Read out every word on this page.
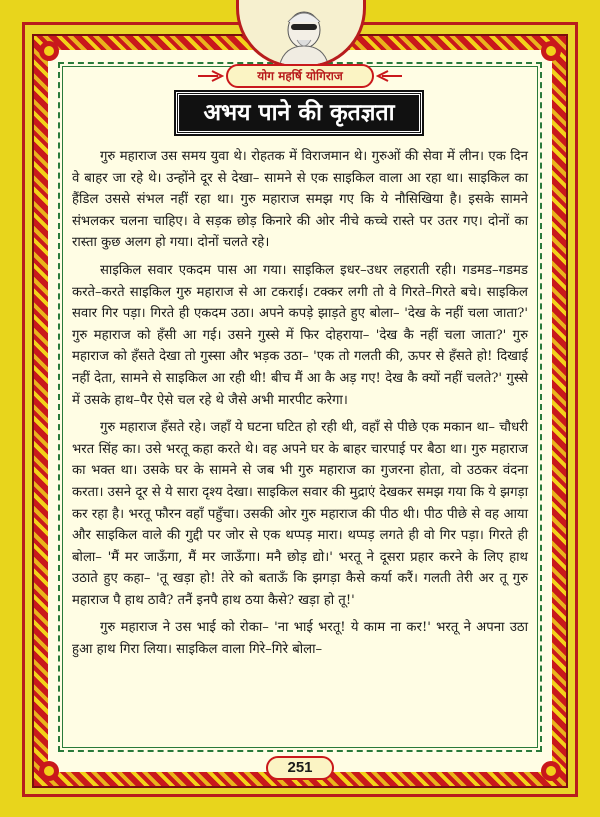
योग महर्षि योगिराज
अभय पाने की कृतज्ञता

गुरु महाराज उस समय युवा थे। रोहतक में विराजमान थे। गुरुओं की सेवा में लीन। एक दिन वे बाहर जा रहे थे। उन्होंने दूर से देखा– सामने से एक साइकिल वाला आ रहा था। साइकिल का हैंडिल उससे संभल नहीं रहा था। गुरु महाराज समझ गए कि ये नौसिखिया है। इसके सामने संभलकर चलना चाहिए। वे सड़क छोड़ किनारे की ओर नीचे कच्चे रास्ते पर उतर गए। दोनों का रास्ता कुछ अलग हो गया। दोनों चलते रहे।

साइकिल सवार एकदम पास आ गया। साइकिल इधर–उधर लहराती रही। गडमड–गडमड करते–करते साइकिल गुरु महाराज से आ टकराई। टक्कर लगी तो वे गिरते–गिरते बचे। साइकिल सवार गिर पड़ा। गिरते ही एकदम उठा। अपने कपड़े झाड़ते हुए बोला– 'देख के नहीं चला जाता?' गुरु महाराज को हँसी आ गई। उसने गुस्से में फिर दोहराया– 'देख कै नहीं चला जाता?' गुरु महाराज को हँसते देखा तो गुस्सा और भड़क उठा– 'एक तो गलती की, ऊपर से हँसते हो! दिखाई नहीं देता, सामने से साइकिल आ रही थी! बीच मैं आ कै अड़ गए! देख कै क्यों नहीं चलते?' गुस्से में उसके हाथ–पैर ऐसे चल रहे थे जैसे अभी मारपीट करेगा।

गुरु महाराज हँसते रहे। जहाँ ये घटना घटित हो रही थी, वहाँ से पीछे एक मकान था– चौधरी भरत सिंह का। उसे भरतू कहा करते थे। वह अपने घर के बाहर चारपाई पर बैठा था। गुरु महाराज का भक्त था। उसके घर के सामने से जब भी गुरु महाराज का गुजरना होता, वो उठकर वंदना करता। उसने दूर से ये सारा दृश्य देखा। साइकिल सवार की मुद्राएं देखकर समझ गया कि ये झगड़ा कर रहा है। भरतू फौरन वहाँ पहुँचा। उसकी ओर गुरु महाराज की पीठ थी। पीठ पीछे से वह आया और साइकिल वाले की गुद्दी पर जोर से एक थप्पड़ मारा। थप्पड़ लगते ही वो गिर पड़ा। गिरते ही बोला– 'मैं मर जाऊँगा, मैं मर जाऊँगा। मनै छोड़ द्यो।' भरतू ने दूसरा प्रहार करने के लिए हाथ उठाते हुए कहा– 'तू खड़ा हो! तेरे को बताऊँ कि झगड़ा कैसे कर्या करैं। गलती तेरी अर तू गुरु महाराज पै हाथ ठावै? तनैं इनपै हाथ ठया कैसे? खड़ा हो तू!'

गुरु महाराज ने उस भाई को रोका– 'ना भाई भरतू! ये काम ना कर!' भरतू ने अपना उठा हुआ हाथ गिरा लिया। साइकिल वाला गिरे–गिरे बोला–

251
